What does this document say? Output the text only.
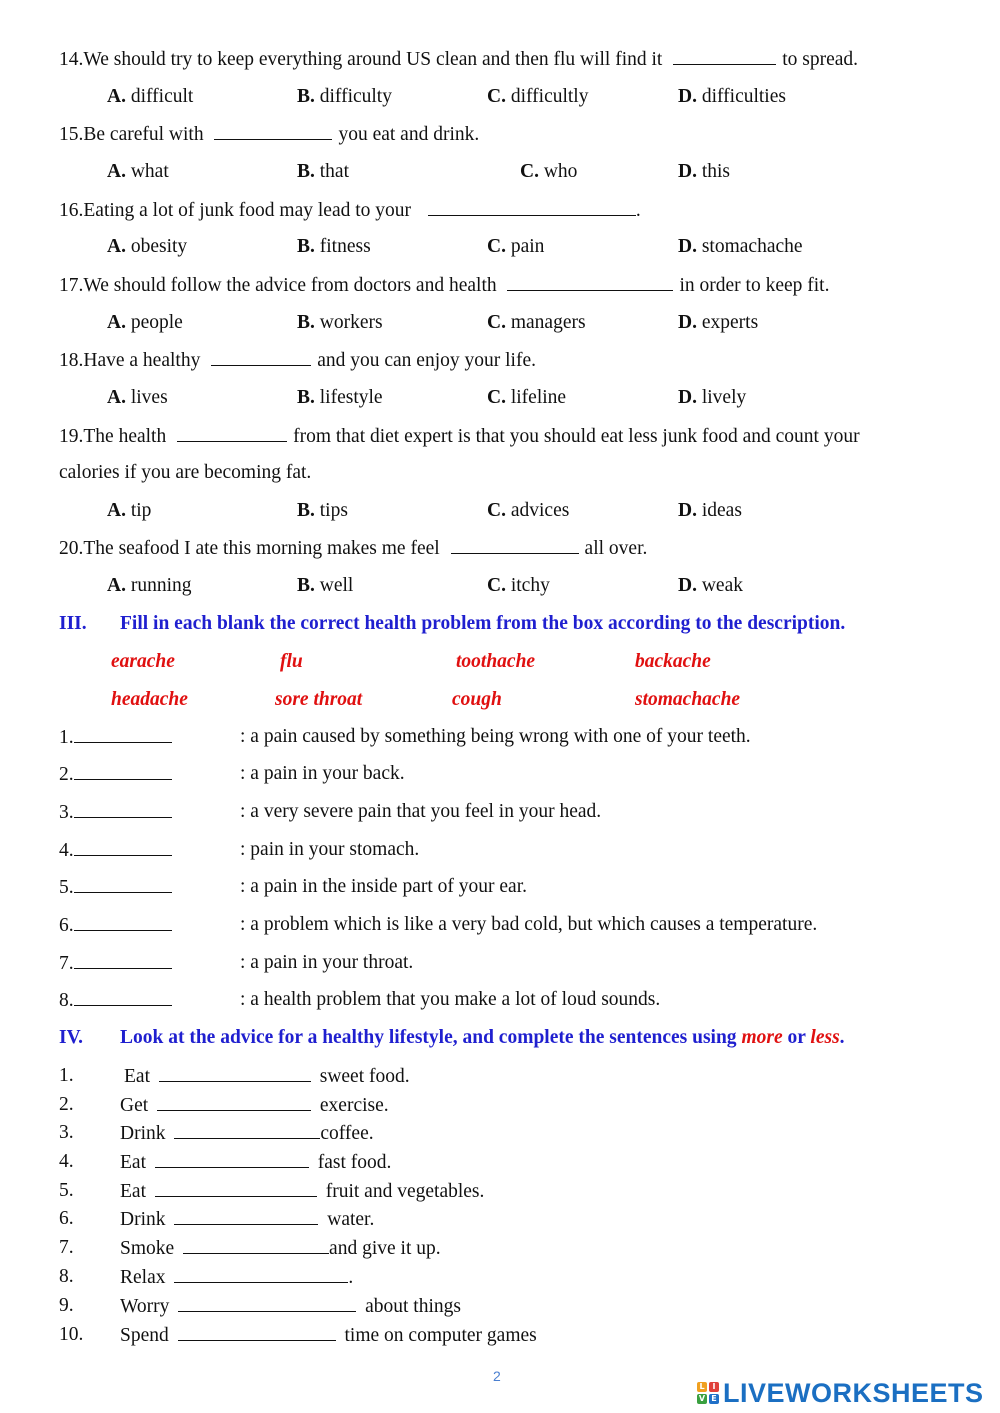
14.We should try to keep everything around US clean and then flu will find it	to spread.
A. difficult	B. difficulty	C. difficultly	D. difficulties
15.Be careful with	you eat and drink.
A. what	B. that	C. who	D. this
16.Eating a lot of junk food may lead to your	.
A. obesity	B. fitness	C. pain	D. stomachache
17.We should follow the advice from doctors and health	in order to keep fit.
A. people	B. workers	C. managers	D. experts
18.Have a healthy	and you can enjoy your life.
A. lives	B. lifestyle	C. lifeline	D. lively
19.The health	from that diet expert is that you should eat less junk food and count your
calories if you are becoming fat.
A. tip	B. tips	C. advices	D. ideas
20.The seafood I ate this morning makes me feel	all over.
A. running	B. well	C. itchy	D. weak
III. Fill in each blank the correct health problem from the box according to the description.
earache	flu	toothache	backache
headache	sore throat	cough	stomachache
1.	: a pain caused by something being wrong with one of your teeth.
2.	: a pain in your back.
3.	: a very severe pain that you feel in your head.
4.	: pain in your stomach.
5.	: a pain in the inside part of your ear.
6.	: a problem which is like a very bad cold, but which causes a temperature.
7.	: a pain in your throat.
8.	: a health problem that you make a lot of loud sounds.
IV. Look at the advice for a healthy lifestyle, and complete the sentences using more or less.
1.	Eat	sweet food.
2. Get	exercise.
3. Drink	coffee.
4. Eat	fast food.
5. Eat	fruit and vegetables.
6. Drink	water.
7. Smoke	and give it up.
8. Relax	.
9. Worry	about things
10. Spend	time on computer games
2
L I
V E LIVEWORKSHEETS
